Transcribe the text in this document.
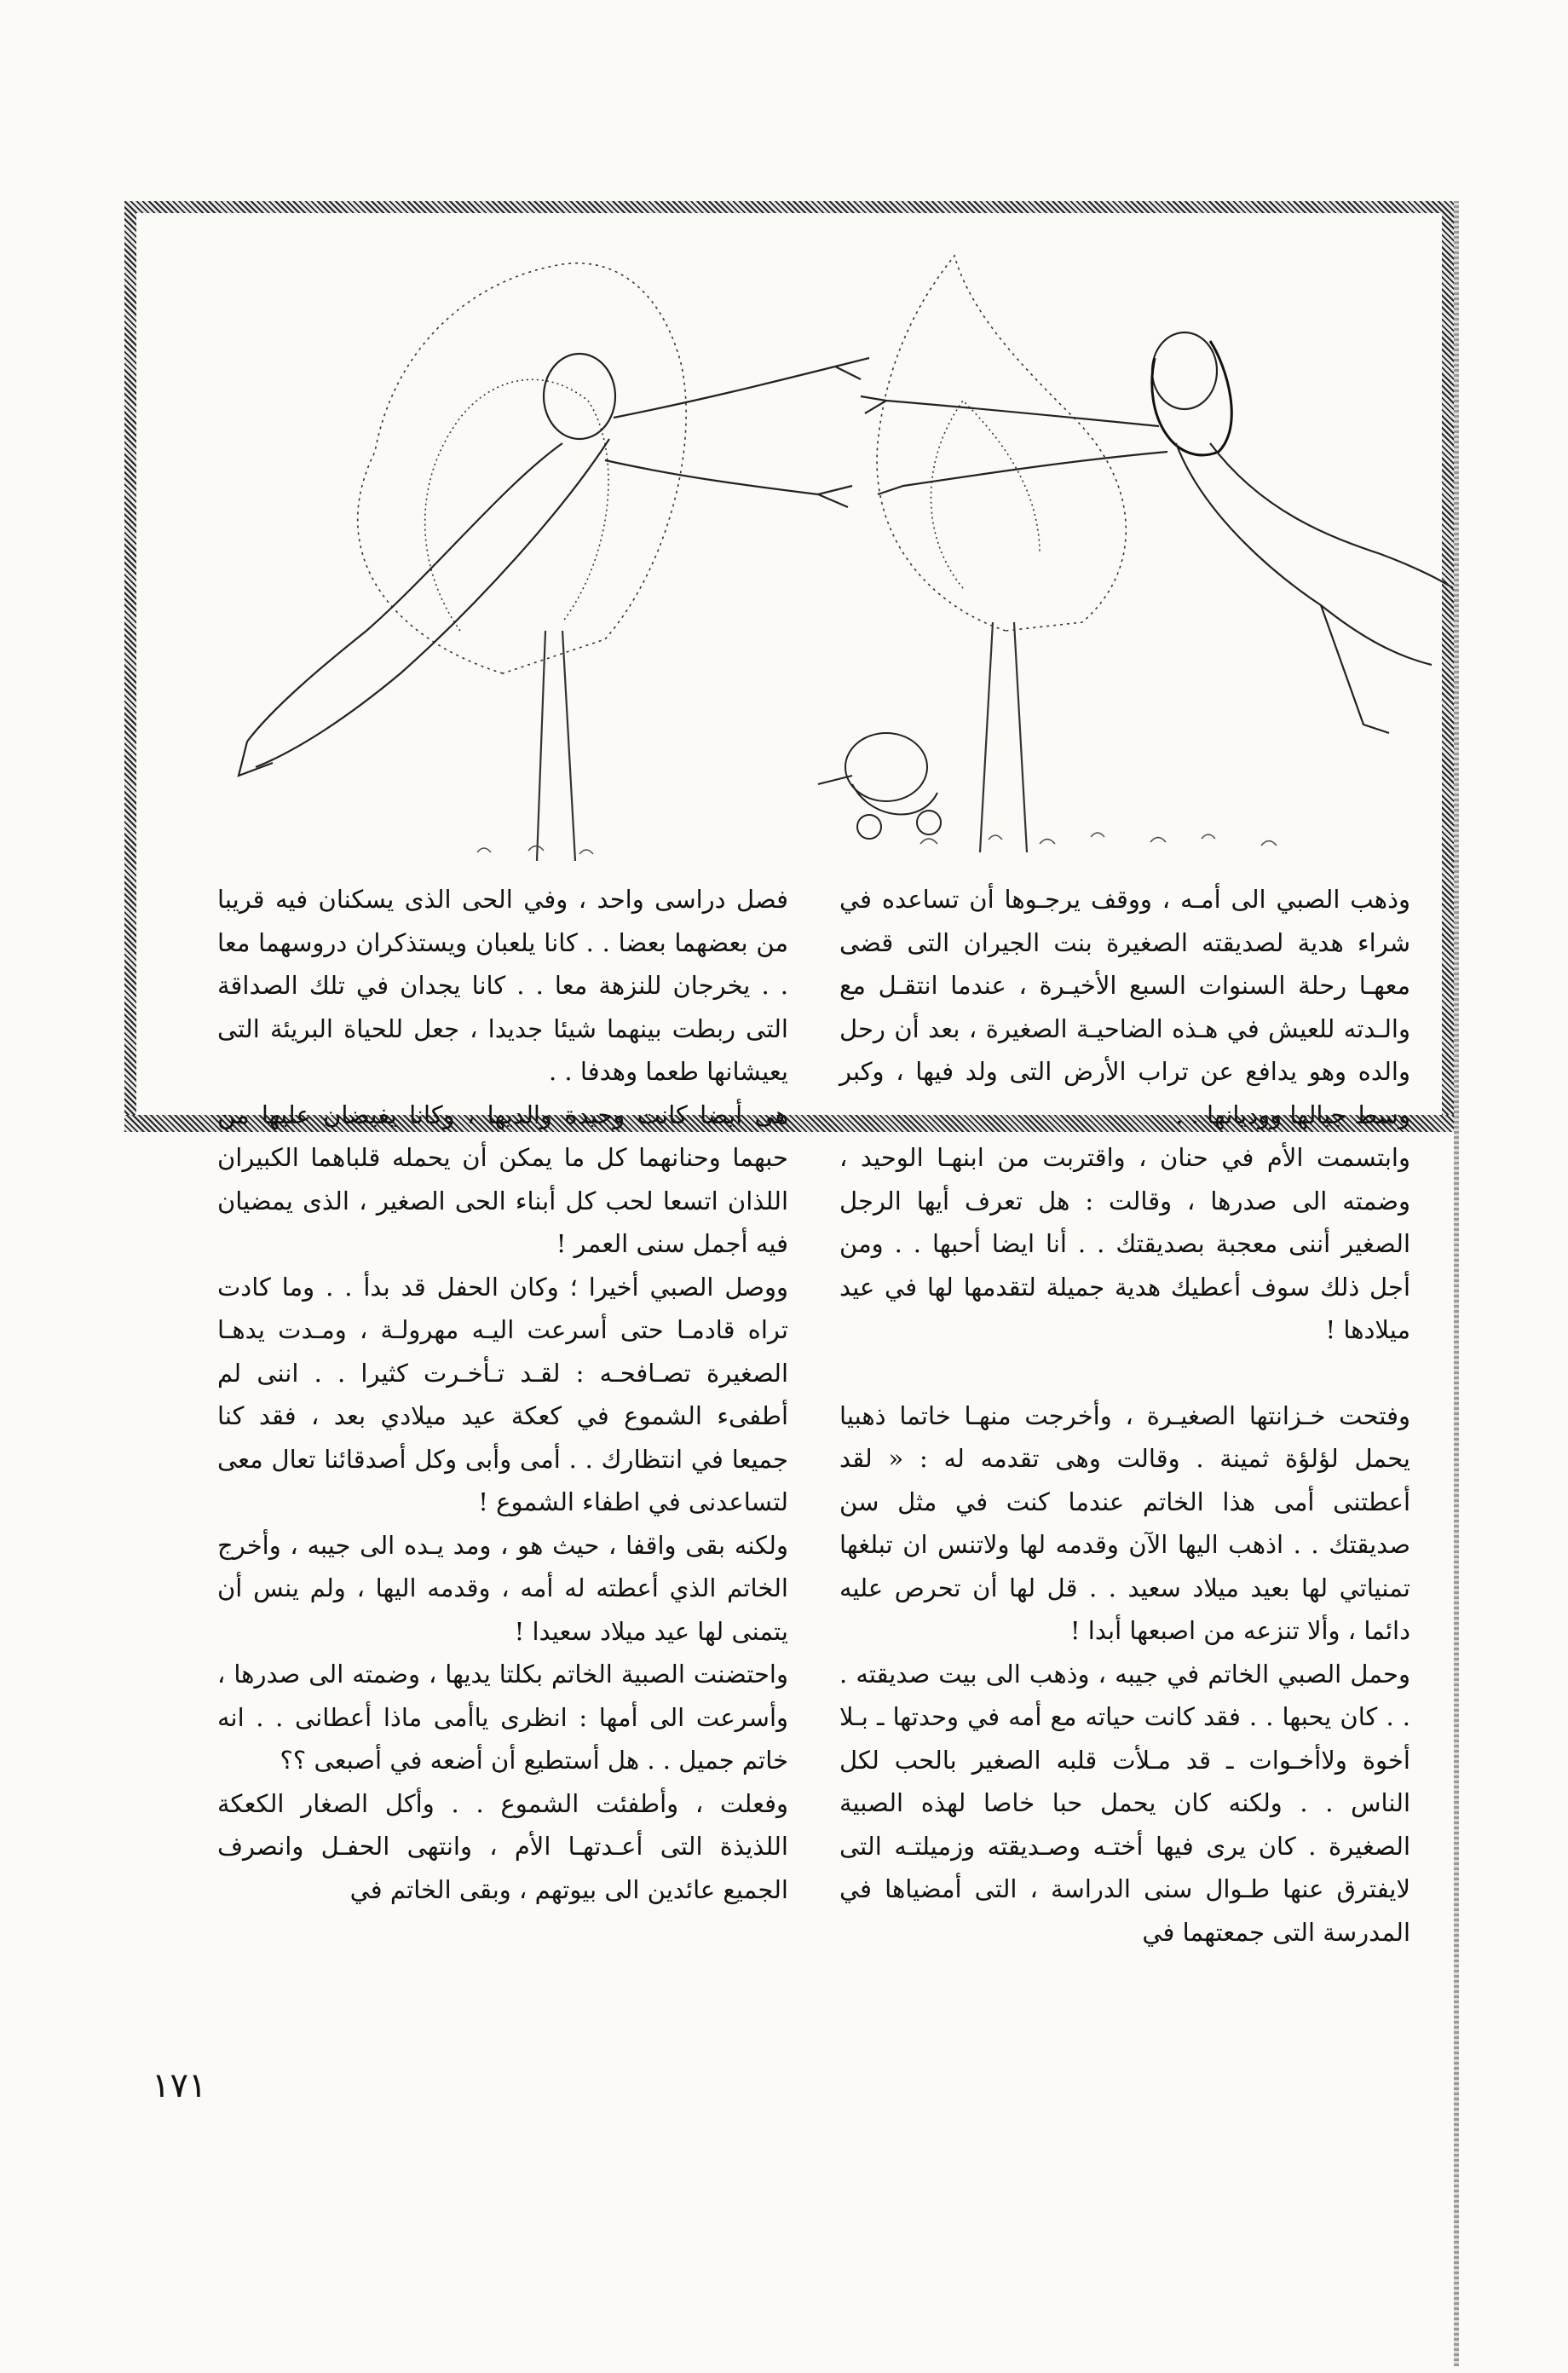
وذهب الصبي الى أمـه ، ووقف يرجـوها أن تساعده في شراء هدية لصديقته الصغيرة بنت الجيران التى قضى معهـا رحلة السنوات السبع الأخيـرة ، عندما انتقـل مع والـدته للعيش في هـذه الضاحيـة الصغيرة ، بعد أن رحل والده وهو يدافع عن تراب الأرض التى ولد فيها ، وكبر وسط جبالها ووديانها . .

وابتسمت الأم في حنان ، واقتربت من ابنهـا الوحيد ، وضمته الى صدرها ، وقالت : هل تعرف أيها الرجل الصغير أننى معجبة بصديقتك . . أنا ايضا أحبها . . ومن أجل ذلك سوف أعطيك هدية جميلة لتقدمها لها في عيد ميلادها !

وفتحت خـزانتها الصغيـرة ، وأخرجت منهـا خاتما ذهبيا يحمل لؤلؤة ثمينة . وقالت وهى تقدمه له : « لقد أعطتنى أمى هذا الخاتم عندما كنت في مثل سن صديقتك . . اذهب اليها الآن وقدمه لها ولاتنس ان تبلغها تمنياتي لها بعيد ميلاد سعيد . . قل لها أن تحرص عليه دائما ، وألا تنزعه من اصبعها أبدا !

وحمل الصبي الخاتم في جيبه ، وذهب الى بيت صديقته . . . كان يحبها . . فقد كانت حياته مع أمه في وحدتها ـ بـلا أخوة ولاأخـوات ـ قد مـلأت قلبه الصغير بالحب لكل الناس . . ولكنه كان يحمل حبا خاصا لهذه الصبية الصغيرة . كان يرى فيها أختـه وصـديقته وزميلتـه التى لايفترق عنها طـوال سنى الدراسة ، التى أمضياها في المدرسة التى جمعتهما في

فصل دراسى واحد ، وفي الحى الذى يسكنان فيه قريبا من بعضهما بعضا . . كانا يلعبان ويستذكران دروسهما معا . . يخرجان للنزهة معا . . كانا يجدان في تلك الصداقة التى ربطت بينهما شيئا جديدا ، جعل للحياة البريئة التى يعيشانها طعما وهدفا . .

هى أيضا كانت وحيدة والديها ، وكانا يفيضان عليها من حبهما وحنانهما كل ما يمكن أن يحمله قلباهما الكبيران اللذان اتسعا لحب كل أبناء الحى الصغير ، الذى يمضيان فيه أجمل سنى العمر !

ووصل الصبي أخيرا ؛ وكان الحفل قد بدأ . . وما كادت تراه قادمـا حتى أسرعت اليـه مهرولـة ، ومـدت يدهـا الصغيرة تصـافحـه : لقـد تـأخـرت كثيرا . . اننى لم أطفىء الشموع في كعكة عيد ميلادي بعد ، فقد كنا جميعا في انتظارك . . أمى وأبى وكل أصدقائنا تعال معى لتساعدنى في اطفاء الشموع !

ولكنه بقى واقفا ، حيث هو ، ومد يـده الى جيبه ، وأخرج الخاتم الذي أعطته له أمه ، وقدمه اليها ، ولم ينس أن يتمنى لها عيد ميلاد سعيدا !

واحتضنت الصبية الخاتم بكلتا يديها ، وضمته الى صدرها ، وأسرعت الى أمها : انظرى ياأمى ماذا أعطانى . . انه خاتم جميل . . هل أستطيع أن أضعه في أصبعى ؟؟

وفعلت ، وأطفئت الشموع . . وأكل الصغار الكعكة اللذيذة التى أعـدتهـا الأم ، وانتهى الحفـل وانصرف الجميع عائدين الى بيوتهم ، وبقى الخاتم في

١٧١
